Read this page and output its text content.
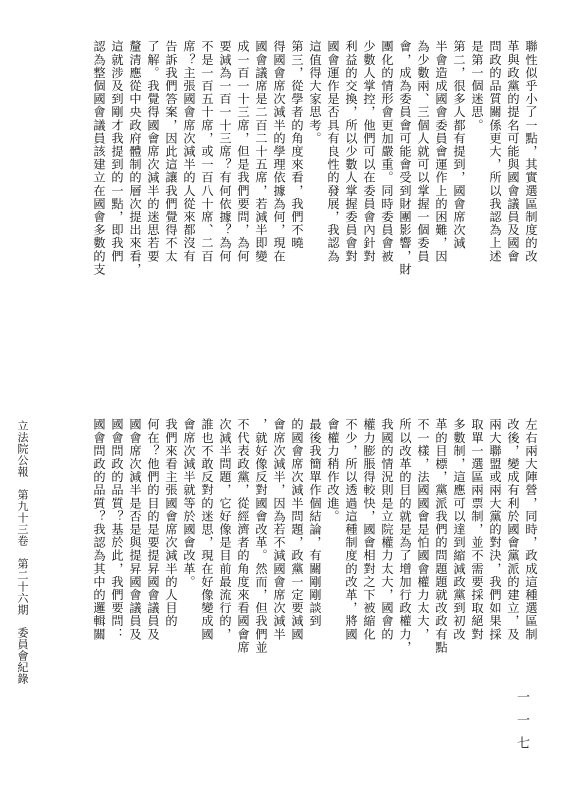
聯性似乎小了一點，其實選區制度的改
革與政黨的提名可能與國會議員及國會
問政的品質關係更大，所以我認為上述
是第一個迷思。
第二，很多人都有提到，國會席次減
半會造成國會委員會運作上的困難，因
為少數兩、三個人就可以掌握一個委員
會，成為委員會可能會受到財團影響，財
團化的情形會更加嚴重。同時委員會被
少數人掌控，他們可以在委員會內針對
利益的交換，所以少數人掌握委員會對
國會運作是否具有良性的發展，我認為
這值得大家思考。
第三，從學者的角度來看，我們不曉
得國會席次減半的學理依據為何，現在
國會議席是二百二十五席，若減半即變
成一百一十三席，但是我們要問，為何
要減為一百一十三席？有何依據？為何
不是一百五十席，或一百八十席、二百
席？主張國會席次減半的人從來都沒有
告訴我們答案，因此這讓我們覺得不太
了解。我覺得國會席次減半的迷思若要
釐清應從中央政府體制的層次提出來看，
這就涉及到剛才我提到的一點，即我們
認為整個國會議員該建立在國會多數的支
左右兩大陣營，同時，政成這種選區制
改後，變成有利於國會黨派的建立，及
兩大聯盟或兩大黨的對決，我們如果採
取單一選區兩票制，並不需要採取絕對
多數制，這應可以達到縮減政黨到初改
革的目標，黨派我們的問題題就改政有點
不一樣，法國國會是怕國會權力太大，
所以改革的目的就是為了增加行政權力，
我國的情況則是立院權力太大，國會的
權力膨脹得較快，國會相對之下被縮化
不少，所以透過這種制度的改革，將國
會權力稍作改進。
最後我簡單作個結論，有關剛剛談到
的國會席次減半問題，政黨一定要減國
會席次減半，因為若不減國會席次減半
，就好像反對國會改革。然而，但我們並
不代表政黨，從經濟者的角度來看國會席
次減半問題，它好像是目前最流行的，
誰也不敢反對的迷思，現在好像變成國
會席次減半就等於國會改革。
我們來看主張國會席次減半的人目的
何在？他們的目的是要提昇國會議員及
國會席次減半是否是與提昇國會議員及
國會問政的品質？基於此，我們要問：
國會問政的品質？我認為其中的邏輯關
一一七
立法院公報　第九十三卷　第二十六期　委員會紀錄
